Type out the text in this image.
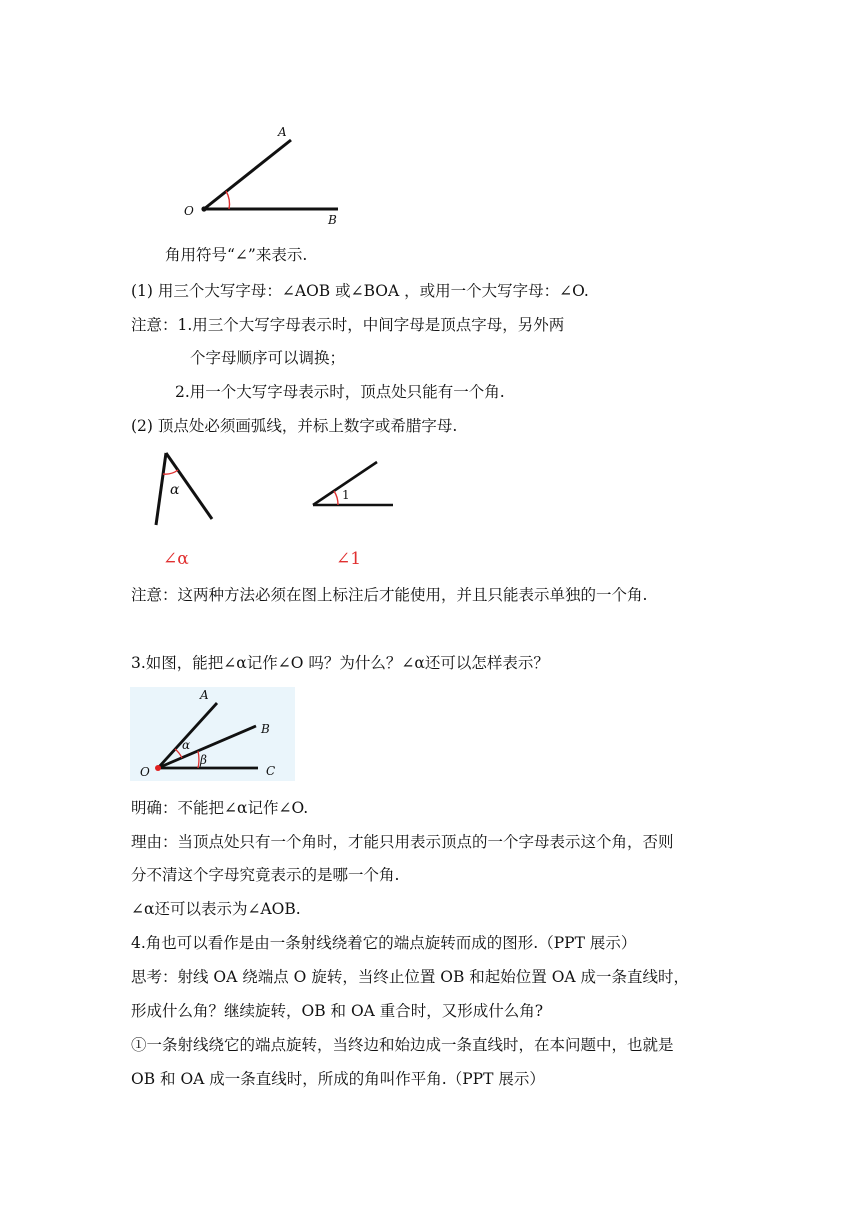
A
O
B
角用符号“∠”来表示.
(1) 用三个大写字母：∠AOB 或∠BOA ，或用一个大写字母：∠O.
注意：1.用三个大写字母表示时，中间字母是顶点字母，另外两
个字母顺序可以调换；
2.用一个大写字母表示时，顶点处只能有一个角.
(2) 顶点处必须画弧线，并标上数字或希腊字母.
α
∠α
1
∠1
注意：这两种方法必须在图上标注后才能使用，并且只能表示单独的一个角.
3.如图，能把∠α记作∠O 吗？为什么？∠α还可以怎样表示？
A
B
C
O
α
β
明确：不能把∠α记作∠O.
理由：当顶点处只有一个角时，才能只用表示顶点的一个字母表示这个角，否则
分不清这个字母究竟表示的是哪一个角.
∠α还可以表示为∠AOB.
4.角也可以看作是由一条射线绕着它的端点旋转而成的图形.（PPT 展示）
思考：射线 OA 绕端点 O 旋转，当终止位置 OB 和起始位置 OA 成一条直线时，
形成什么角？继续旋转，OB 和 OA 重合时，又形成什么角?
①一条射线绕它的端点旋转，当终边和始边成一条直线时，在本问题中，也就是
OB 和 OA 成一条直线时，所成的角叫作平角.（PPT 展示）
